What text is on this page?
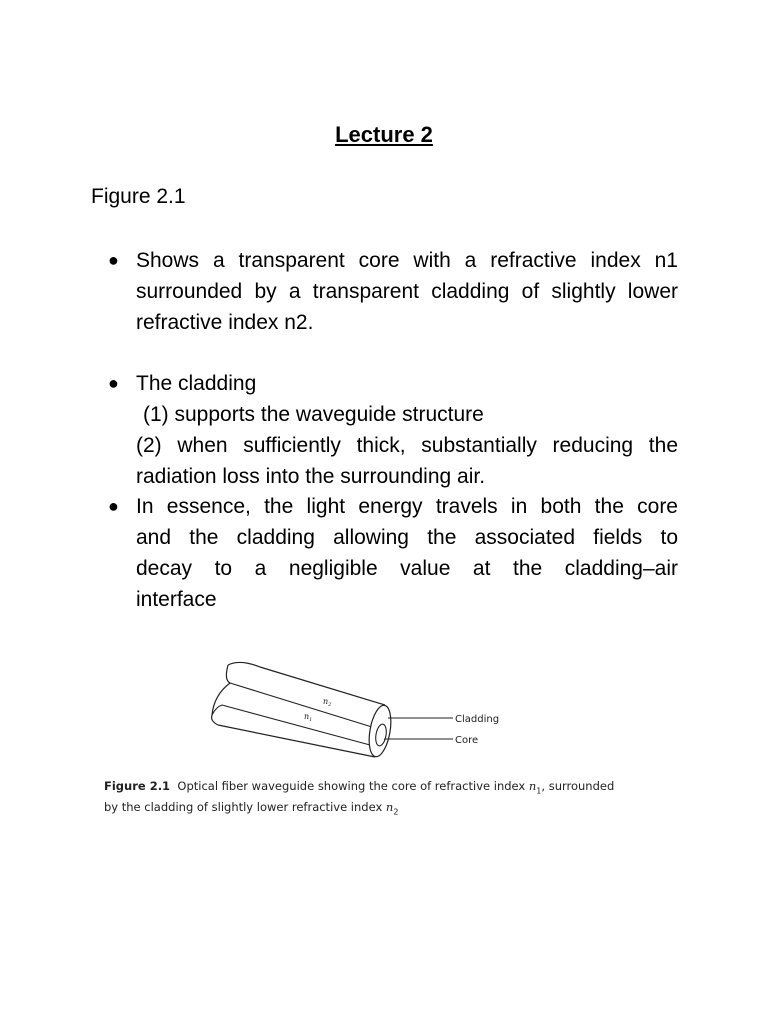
Lecture 2
Figure 2.1
● Shows a transparent core with a refractive index n1
surrounded by a transparent cladding of slightly lower
refractive index n2.
● The cladding
(1) supports the waveguide structure
(2) when sufficiently thick, substantially reducing the
radiation loss into the surrounding air.
● In essence, the light energy travels in both the core
and the cladding allowing the associated fields to
decay to a negligible value at the cladding–air
interface
Cladding
Core
$n_2$
$n_1$
Figure 2.1 Optical fiber waveguide showing the core of refractive index $n_1$, surrounded
by the cladding of slightly lower refractive index $n_2$
